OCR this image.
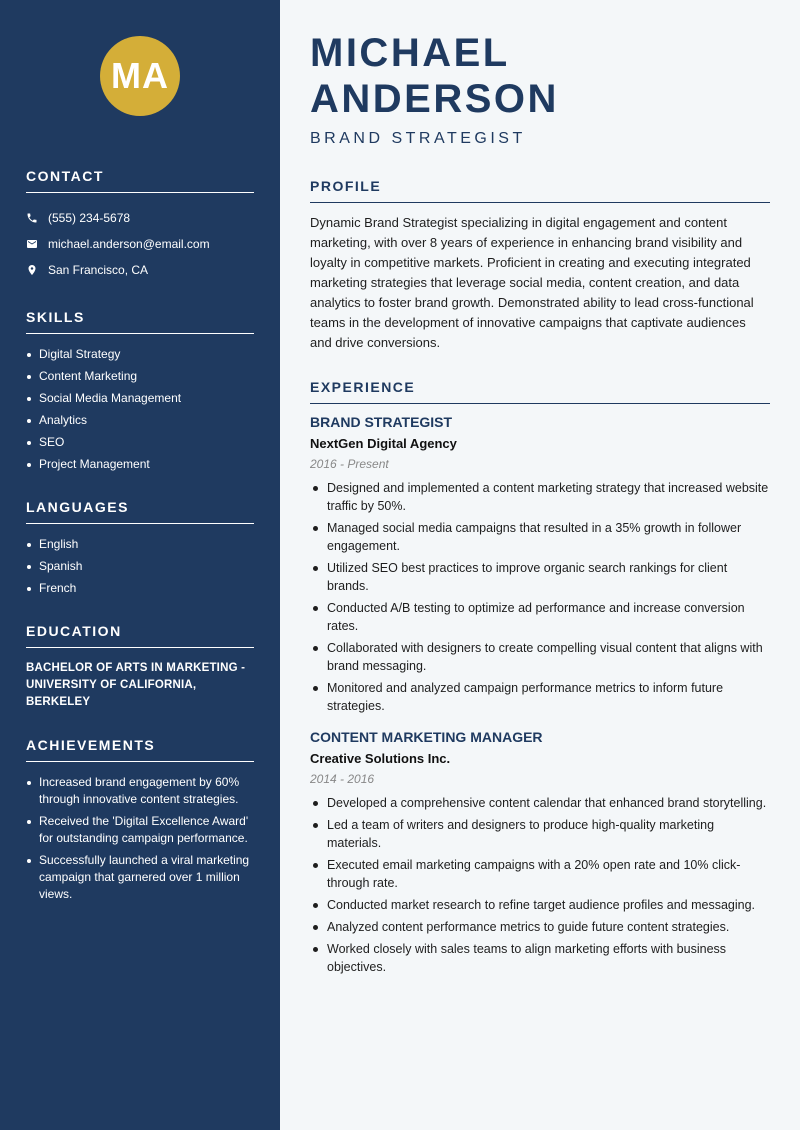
MA
CONTACT
(555) 234-5678
michael.anderson@email.com
San Francisco, CA
SKILLS
Digital Strategy
Content Marketing
Social Media Management
Analytics
SEO
Project Management
LANGUAGES
English
Spanish
French
EDUCATION
BACHELOR OF ARTS IN MARKETING - UNIVERSITY OF CALIFORNIA, BERKELEY
ACHIEVEMENTS
Increased brand engagement by 60% through innovative content strategies.
Received the 'Digital Excellence Award' for outstanding campaign performance.
Successfully launched a viral marketing campaign that garnered over 1 million views.
MICHAEL ANDERSON
BRAND STRATEGIST
PROFILE

Dynamic Brand Strategist specializing in digital engagement and content marketing, with over 8 years of experience in enhancing brand visibility and loyalty in competitive markets. Proficient in creating and executing integrated marketing strategies that leverage social media, content creation, and data analytics to foster brand growth. Demonstrated ability to lead cross-functional teams in the development of innovative campaigns that captivate audiences and drive conversions.

EXPERIENCE
BRAND STRATEGIST
NextGen Digital Agency
2016 - Present
Designed and implemented a content marketing strategy that increased website traffic by 50%.
Managed social media campaigns that resulted in a 35% growth in follower engagement.
Utilized SEO best practices to improve organic search rankings for client brands.
Conducted A/B testing to optimize ad performance and increase conversion rates.
Collaborated with designers to create compelling visual content that aligns with brand messaging.
Monitored and analyzed campaign performance metrics to inform future strategies.
CONTENT MARKETING MANAGER
Creative Solutions Inc.
2014 - 2016
Developed a comprehensive content calendar that enhanced brand storytelling.
Led a team of writers and designers to produce high-quality marketing materials.
Executed email marketing campaigns with a 20% open rate and 10% click-through rate.
Conducted market research to refine target audience profiles and messaging.
Analyzed content performance metrics to guide future content strategies.
Worked closely with sales teams to align marketing efforts with business objectives.
